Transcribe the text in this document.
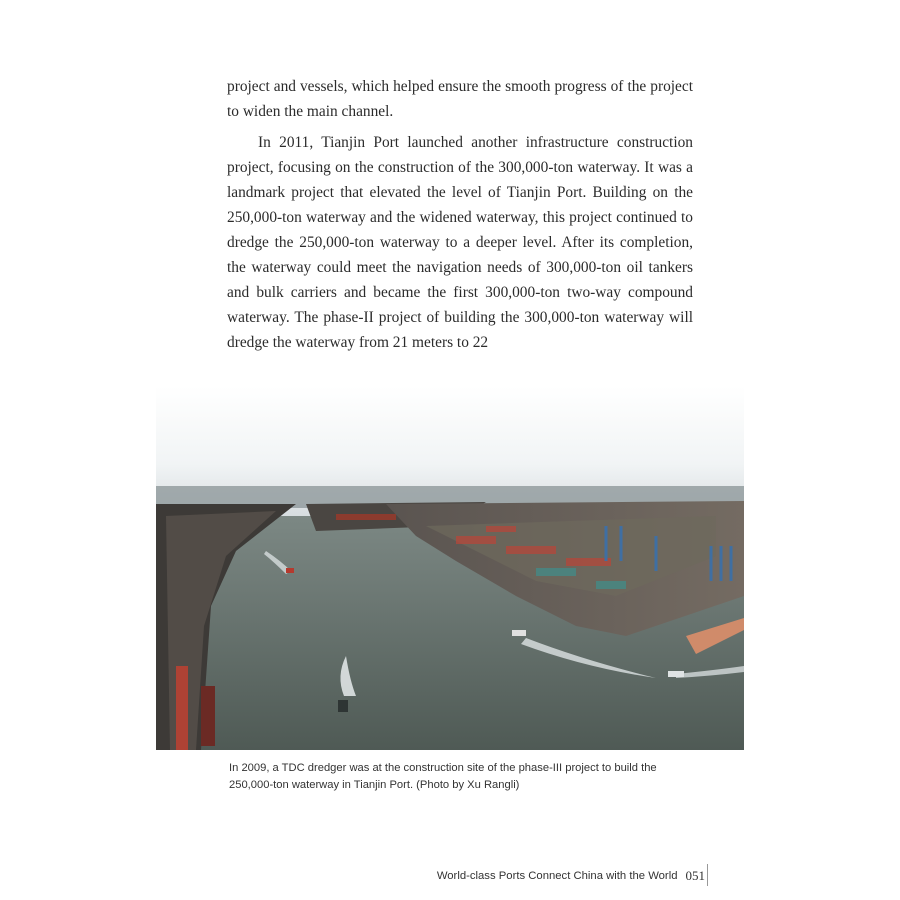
project and vessels, which helped ensure the smooth progress of the project to widen the main channel.

In 2011, Tianjin Port launched another infrastructure construction project, focusing on the construction of the 300,000-ton waterway. It was a landmark project that elevated the level of Tianjin Port. Building on the 250,000-ton waterway and the widened waterway, this project continued to dredge the 250,000-ton waterway to a deeper level. After its completion, the waterway could meet the navigation needs of 300,000-ton oil tankers and bulk carriers and became the first 300,000-ton two-way compound waterway. The phase-II project of building the 300,000-ton waterway will dredge the waterway from 21 meters to 22

In 2009, a TDC dredger was at the construction site of the phase-III project to build the 250,000-ton waterway in Tianjin Port. (Photo by Xu Rangli)

World-class Ports Connect China with the World 051
